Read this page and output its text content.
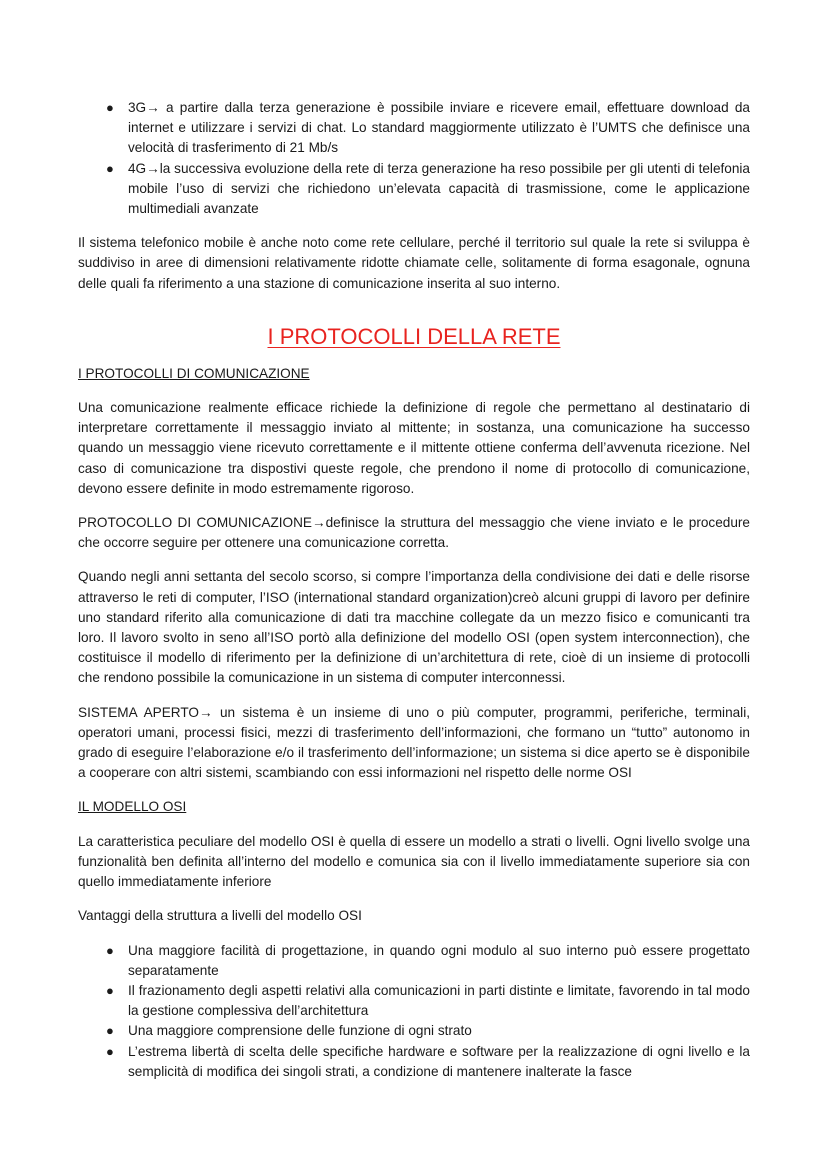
● 3G→ a partire dalla terza generazione è possibile inviare e ricevere email, effettuare download da internet e utilizzare i servizi di chat. Lo standard maggiormente utilizzato è l’UMTS che definisce una velocità di trasferimento di 21 Mb/s
● 4G→la successiva evoluzione della rete di terza generazione ha reso possibile per gli utenti di telefonia mobile l’uso di servizi che richiedono un’elevata capacità di trasmissione, come le applicazione multimediali avanzate

Il sistema telefonico mobile è anche noto come rete cellulare, perché il territorio sul quale la rete si sviluppa è suddiviso in aree di dimensioni relativamente ridotte chiamate celle, solitamente di forma esagonale, ognuna delle quali fa riferimento a una stazione di comunicazione inserita al suo interno.

I PROTOCOLLI DELLA RETE
I PROTOCOLLI DI COMUNICAZIONE

Una comunicazione realmente efficace richiede la definizione di regole che permettano al destinatario di interpretare correttamente il messaggio inviato al mittente; in sostanza, una comunicazione ha successo quando un messaggio viene ricevuto correttamente e il mittente ottiene conferma dell’avvenuta ricezione. Nel caso di comunicazione tra dispostivi queste regole, che prendono il nome di protocollo di comunicazione, devono essere definite in modo estremamente rigoroso.

PROTOCOLLO DI COMUNICAZIONE→definisce la struttura del messaggio che viene inviato e le procedure che occorre seguire per ottenere una comunicazione corretta.

Quando negli anni settanta del secolo scorso, si compre l’importanza della condivisione dei dati e delle risorse attraverso le reti di computer, l’ISO (international standard organization)creò alcuni gruppi di lavoro per definire uno standard riferito alla comunicazione di dati tra macchine collegate da un mezzo fisico e comunicanti tra loro. Il lavoro svolto in seno all’ISO portò alla definizione del modello OSI (open system interconnection), che costituisce il modello di riferimento per la definizione di un’architettura di rete, cioè di un insieme di protocolli che rendono possibile la comunicazione in un sistema di computer interconnessi.

SISTEMA APERTO→ un sistema è un insieme di uno o più computer, programmi, periferiche, terminali, operatori umani, processi fisici, mezzi di trasferimento dell’informazioni, che formano un “tutto” autonomo in grado di eseguire l’elaborazione e/o il trasferimento dell’informazione; un sistema si dice aperto se è disponibile a cooperare con altri sistemi, scambiando con essi informazioni nel rispetto delle norme OSI

IL MODELLO OSI

La caratteristica peculiare del modello OSI è quella di essere un modello a strati o livelli. Ogni livello svolge una funzionalità ben definita all’interno del modello e comunica sia con il livello immediatamente superiore sia con quello immediatamente inferiore

Vantaggi della struttura a livelli del modello OSI

● Una maggiore facilità di progettazione, in quando ogni modulo al suo interno può essere progettato separatamente
● Il frazionamento degli aspetti relativi alla comunicazioni in parti distinte e limitate, favorendo in tal modo la gestione complessiva dell’architettura
● Una maggiore comprensione delle funzione di ogni strato
● L’estrema libertà di scelta delle specifiche hardware e software per la realizzazione di ogni livello e la semplicità di modifica dei singoli strati, a condizione di mantenere inalterate la fasce
